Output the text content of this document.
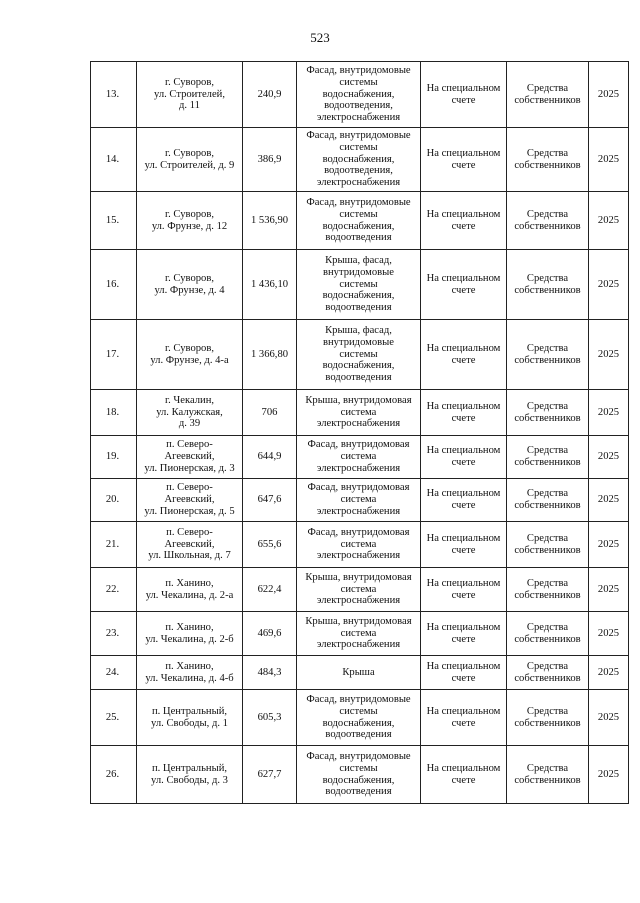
523
13.	г. Суворов,
ул. Строителей,
д. 11	240,9	Фасад, внутридомовые
системы
водоснабжения,
водоотведения,
электроснабжения	На специальном
счете	Средства
собственников	2025
14.	г. Суворов,
ул. Строителей, д. 9	386,9	Фасад, внутридомовые
системы
водоснабжения,
водоотведения,
электроснабжения	На специальном
счете	Средства
собственников	2025
15.	г. Суворов,
ул. Фрунзе, д. 12	1 536,90	Фасад, внутридомовые
системы
водоснабжения,
водоотведения	На специальном
счете	Средства
собственников	2025
16.	г. Суворов,
ул. Фрунзе, д. 4	1 436,10	Крыша, фасад,
внутридомовые
системы
водоснабжения,
водоотведения	На специальном
счете	Средства
собственников	2025
17.	г. Суворов,
ул. Фрунзе, д. 4-а	1 366,80	Крыша, фасад,
внутридомовые
системы
водоснабжения,
водоотведения	На специальном
счете	Средства
собственников	2025
18.	г. Чекалин,
ул. Калужская,
д. 39	706	Крыша, внутридомовая
система
электроснабжения	На специальном
счете	Средства
собственников	2025
19.	п. Северо-
Агеевский,
ул. Пионерская, д. 3	644,9	Фасад, внутридомовая
система
электроснабжения	На специальном
счете	Средства
собственников	2025
20.	п. Северо-
Агеевский,
ул. Пионерская, д. 5	647,6	Фасад, внутридомовая
система
электроснабжения	На специальном
счете	Средства
собственников	2025
21.	п. Северо-
Агеевский,
ул. Школьная, д. 7	655,6	Фасад, внутридомовая
система
электроснабжения	На специальном
счете	Средства
собственников	2025
22.	п. Ханино,
ул. Чекалина, д. 2-а	622,4	Крыша, внутридомовая
система
электроснабжения	На специальном
счете	Средства
собственников	2025
23.	п. Ханино,
ул. Чекалина, д. 2-б	469,6	Крыша, внутридомовая
система
электроснабжения	На специальном
счете	Средства
собственников	2025
24.	п. Ханино,
ул. Чекалина, д. 4-б	484,3	Крыша	На специальном
счете	Средства
собственников	2025
25.	п. Центральный,
ул. Свободы, д. 1	605,3	Фасад, внутридомовые
системы
водоснабжения,
водоотведения	На специальном
счете	Средства
собственников	2025
26.	п. Центральный,
ул. Свободы, д. 3	627,7	Фасад, внутридомовые
системы
водоснабжения,
водоотведения	На специальном
счете	Средства
собственников	2025
